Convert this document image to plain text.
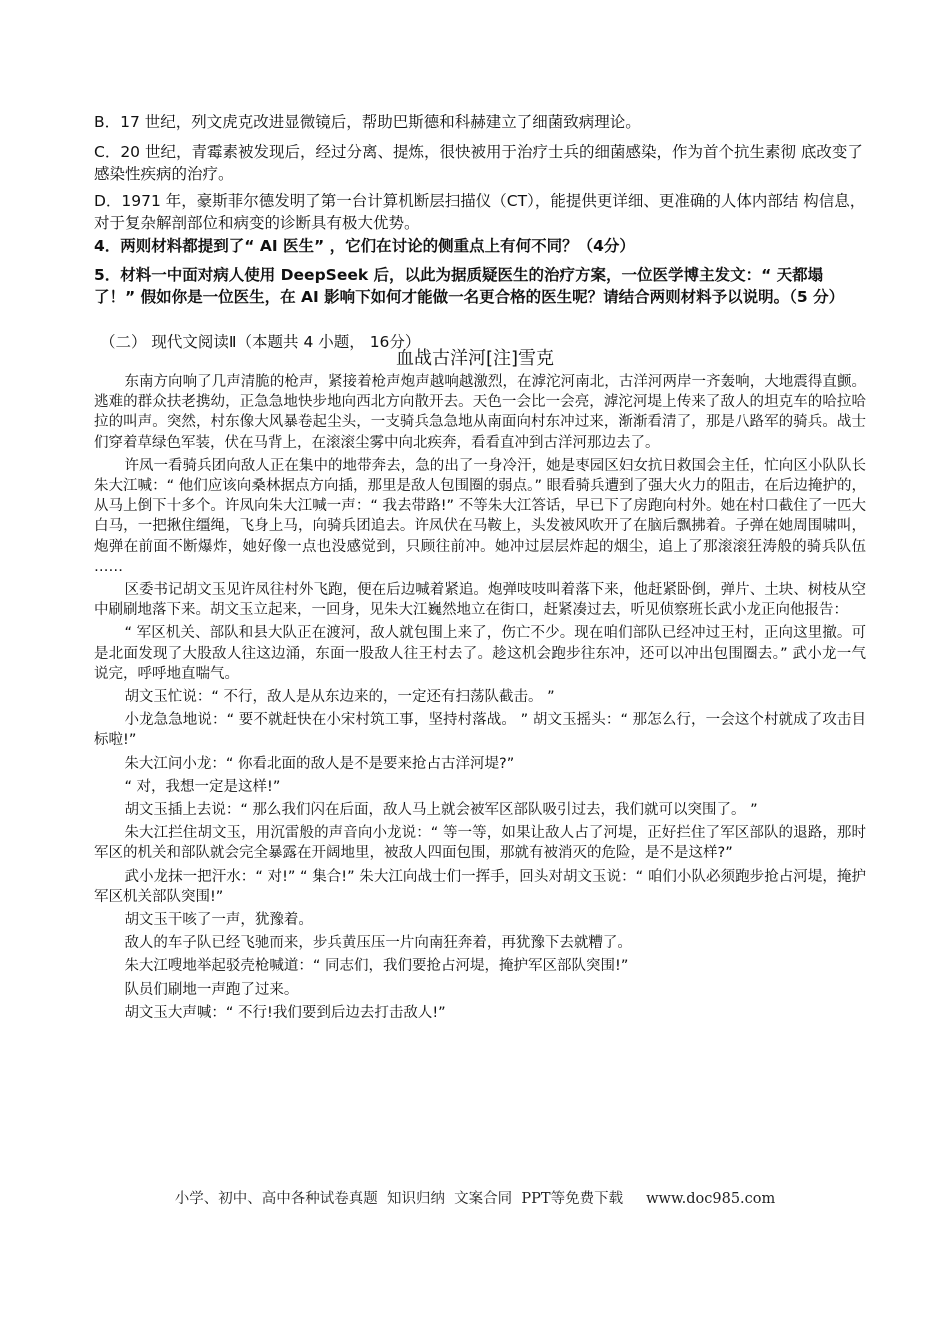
B．17 世纪，列文虎克改进显微镜后，帮助巴斯德和科赫建立了细菌致病理论。

C．20 世纪，青霉素被发现后，经过分离、提炼，很快被用于治疗士兵的细菌感染，作为首个抗生素彻 底改变了感染性疾病的治疗。

D．1971 年，豪斯菲尔德发明了第一台计算机断层扫描仪（CT），能提供更详细、更准确的人体内部结 构信息，对于复杂解剖部位和病变的诊断具有极大优势。

4．两则材料都提到了“ AI 医生” ，它们在讨论的侧重点上有何不同？（4分）

5．材料一中面对病人使用 DeepSeek 后，以此为据质疑医生的治疗方案，一位医学博主发文：“ 天都塌 了！” 假如你是一位医生，在 AI 影响下如何才能做一名更合格的医生呢？请结合两则材料予以说明。（5 分）

（二） 现代文阅读Ⅱ（本题共 4 小题， 16分）
血战古洋河[注]雪克

东南方向响了几声清脆的枪声，紧接着枪声炮声越响越激烈，在滹沱河南北，古洋河两岸一齐轰响，大地震得直颤。逃难的群众扶老携幼，正急急地快步地向西北方向散开去。天色一会比一会亮，滹沱河堤上传来了敌人的坦克车的哈拉哈拉的叫声。突然，村东像大风暴卷起尘头，一支骑兵急急地从南面向村东冲过来，渐渐看清了，那是八路军的骑兵。战士们穿着草绿色军装，伏在马背上，在滚滚尘雾中向北疾奔，看看直冲到古洋河那边去了。

许凤一看骑兵团向敌人正在集中的地带奔去，急的出了一身冷汗，她是枣园区妇女抗日救国会主任，忙向区小队队长朱大江喊：“ 他们应该向桑林据点方向插，那里是敌人包围圈的弱点。” 眼看骑兵遭到了强大火力的阻击，在后边掩护的，从马上倒下十多个。许凤向朱大江喊一声：“ 我去带路!” 不等朱大江答话，早已下了房跑向村外。她在村口截住了一匹大白马，一把揪住缰绳，飞身上马，向骑兵团追去。许凤伏在马鞍上，头发被风吹开了在脑后飘拂着。子弹在她周围啸叫，炮弹在前面不断爆炸，她好像一点也没感觉到，只顾往前冲。她冲过层层炸起的烟尘，追上了那滚滚狂涛般的骑兵队伍 ……

区委书记胡文玉见许凤往村外飞跑，便在后边喊着紧追。炮弹吱吱叫着落下来，他赶紧卧倒，弹片、土块、树枝从空中刷刷地落下来。胡文玉立起来，一回身，见朱大江巍然地立在街口，赶紧凑过去，听见侦察班长武小龙正向他报告：

“ 军区机关、部队和县大队正在渡河，敌人就包围上来了，伤亡不少。现在咱们部队已经冲过王村，正向这里撤。可是北面发现了大股敌人往这边涌，东面一股敌人往王村去了。趁这机会跑步往东冲，还可以冲出包围圈去。” 武小龙一气说完，呼呼地直喘气。

胡文玉忙说：“ 不行，敌人是从东边来的，一定还有扫荡队截击。 ”

小龙急急地说：“ 要不就赶快在小宋村筑工事，坚持村落战。 ” 胡文玉摇头：“ 那怎么行，一会这个村就成了攻击目标啦!”

朱大江问小龙：“ 你看北面的敌人是不是要来抢占古洋河堤?”

“ 对，我想一定是这样!”

胡文玉插上去说：“ 那么我们闪在后面，敌人马上就会被军区部队吸引过去，我们就可以突围了。 ”

朱大江拦住胡文玉，用沉雷般的声音向小龙说：“ 等一等，如果让敌人占了河堤，正好拦住了军区部队的退路，那时军区的机关和部队就会完全暴露在开阔地里，被敌人四面包围，那就有被消灭的危险，是不是这样?”

武小龙抹一把汗水：“ 对!” “ 集合!” 朱大江向战士们一挥手，回头对胡文玉说：“ 咱们小队必须跑步抢占河堤，掩护军区机关部队突围!”

胡文玉干咳了一声，犹豫着。

敌人的车子队已经飞驰而来，步兵黄压压一片向南狂奔着，再犹豫下去就糟了。

朱大江嗖地举起驳壳枪喊道：“ 同志们，我们要抢占河堤，掩护军区部队突围!”

队员们刷地一声跑了过来。

胡文玉大声喊：“ 不行!我们要到后边去打击敌人!”

小学、初中、高中各种试卷真题  知识归纳  文案合同  PPT等免费下载     www.doc985.com
